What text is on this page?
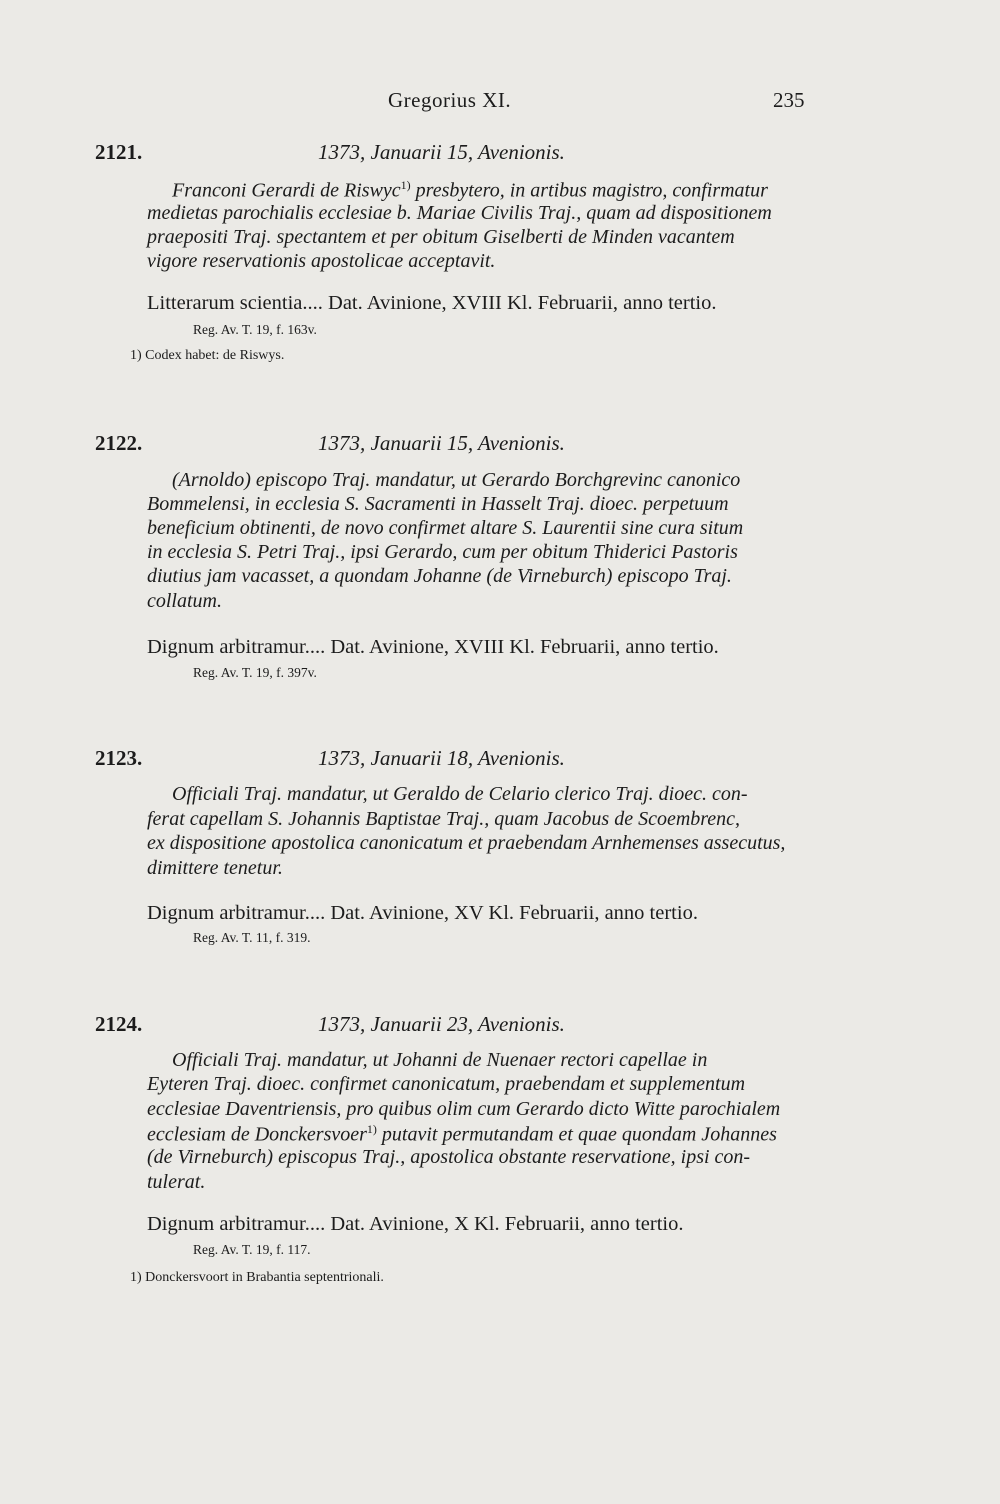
Gregorius XI.	235
2121.	1373, Januarii 15, Avenionis.
Franconi Gerardi de Riswyc$^{1)}$ presbytero, in artibus magistro, confirmatur
medietas parochialis ecclesiae b. Mariae Civilis Traj., quam ad dispositionem
praepositi Traj. spectantem et per obitum Giselberti de Minden vacantem
vigore reservationis apostolicae acceptavit.
Litterarum scientia.... Dat. Avinione, XVIII Kl. Februarii, anno tertio.
Reg. Av. T. 19, f. 163v.
1) Codex habet: de Riswys.
2122.	1373, Januarii 15, Avenionis.
(Arnoldo) episcopo Traj. mandatur, ut Gerardo Borchgrevinc canonico
Bommelensi, in ecclesia S. Sacramenti in Hasselt Traj. dioec. perpetuum
beneficium obtinenti, de novo confirmet altare S. Laurentii sine cura situm
in ecclesia S. Petri Traj., ipsi Gerardo, cum per obitum Thiderici Pastoris
diutius jam vacasset, a quondam Johanne (de Virneburch) episcopo Traj.
collatum.
Dignum arbitramur.... Dat. Avinione, XVIII Kl. Februarii, anno tertio.
Reg. Av. T. 19, f. 397v.
2123.	1373, Januarii 18, Avenionis.
Officiali Traj. mandatur, ut Geraldo de Celario clerico Traj. dioec. con-
ferat capellam S. Johannis Baptistae Traj., quam Jacobus de Scoembrenc,
ex dispositione apostolica canonicatum et praebendam Arnhemenses assecutus,
dimittere tenetur.
Dignum arbitramur.... Dat. Avinione, XV Kl. Februarii, anno tertio.
Reg. Av. T. 11, f. 319.
2124.	1373, Januarii 23, Avenionis.
Officiali Traj. mandatur, ut Johanni de Nuenaer rectori capellae in
Eyteren Traj. dioec. confirmet canonicatum, praebendam et supplementum
ecclesiae Daventriensis, pro quibus olim cum Gerardo dicto Witte parochialem
ecclesiam de Donckersvoer$^{1)}$ putavit permutandam et quae quondam Johannes
(de Virneburch) episcopus Traj., apostolica obstante reservatione, ipsi con-
tulerat.
Dignum arbitramur.... Dat. Avinione, X Kl. Februarii, anno tertio.
Reg. Av. T. 19, f. 117.
1) Donckersvoort in Brabantia septentrionali.
